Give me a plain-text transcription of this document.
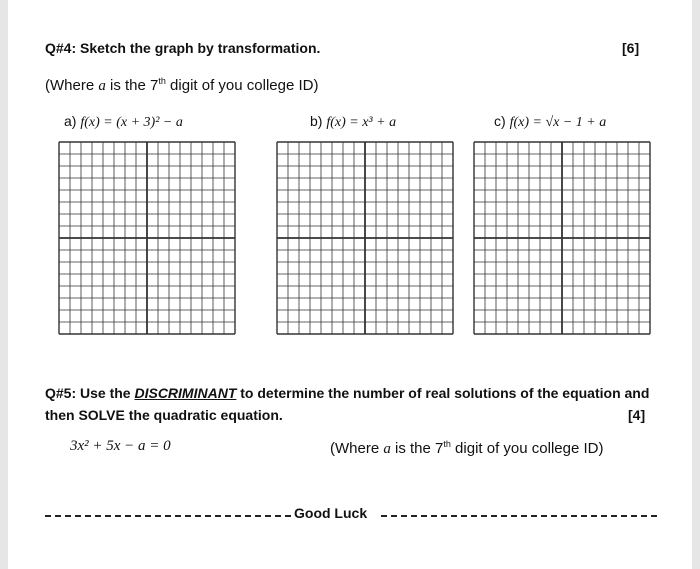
Q#4: Sketch the graph by transformation.	[6]
(Where a is the 7th digit of you college ID)
a) f(x) = (x + 3)² − a	b) f(x) = x³ + a	c) f(x) = √x − 1 + a
Q#5: Use the DISCRIMINANT to determine the number of real solutions of the equation and
then SOLVE the quadratic equation.	[4]
3x² + 5x − a = 0	(Where a is the 7th digit of you college ID)
Good Luck
